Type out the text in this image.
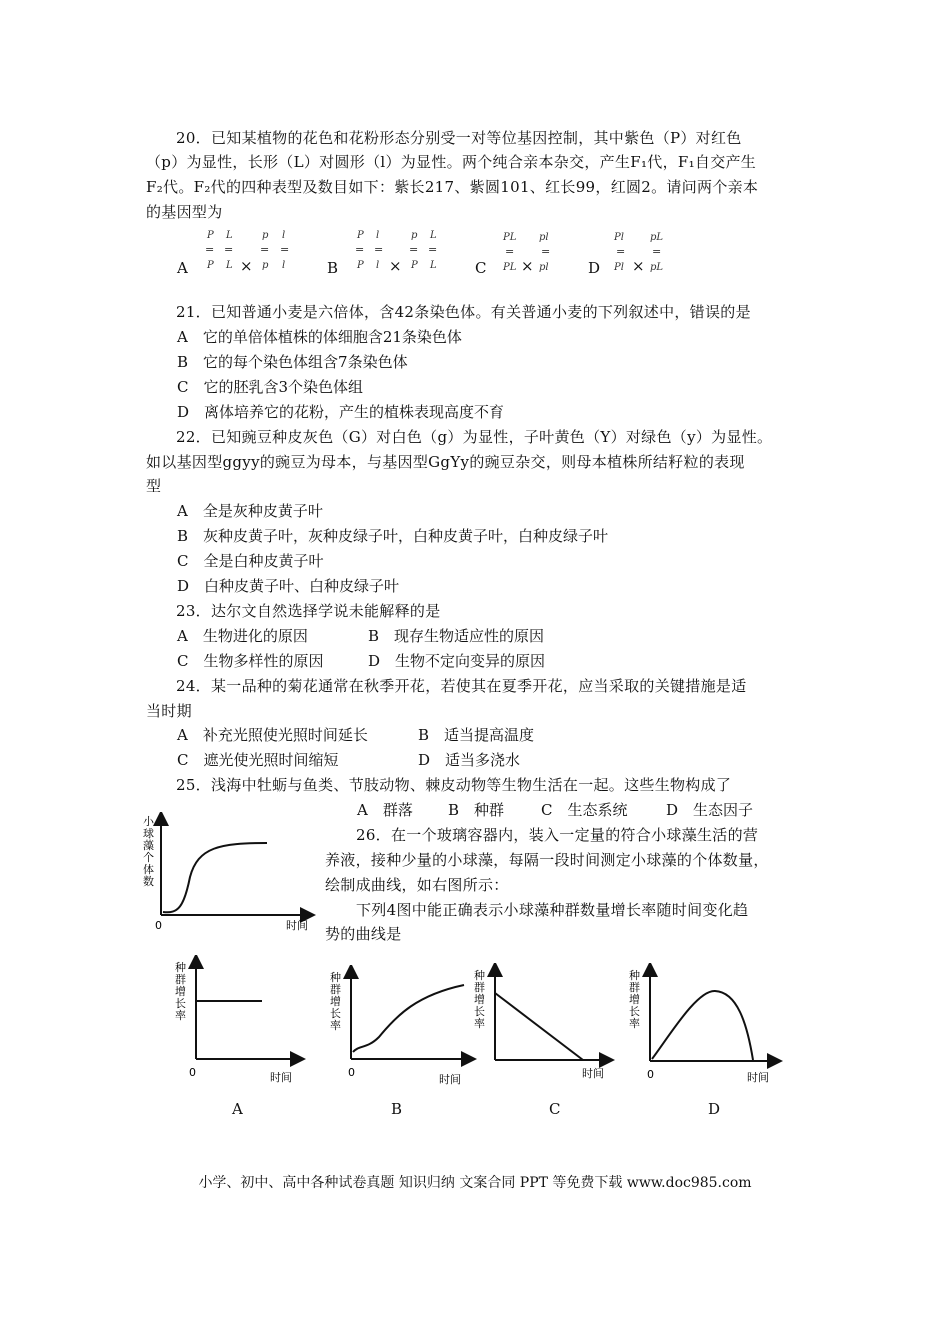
20．已知某植物的花色和花粉形态分别受一对等位基因控制，其中紫色（P）对红色
（p）为显性，长形（L）对圆形（l）为显性。两个纯合亲本杂交，产生F₁代，F₁自交产生
F₂代。F₂代的四种表型及数目如下：紫长217、紫圆101、红长99，红圆2。请问两个亲本
的基因型为
A
P L
= =
P L ×
p l
= =
p l	B
P l
= =
P l ×
p L
= =
P L	C
PL
=
PL ×
pl
=
pl	D
Pl
=
Pl ×
pL
=
pL
21．已知普通小麦是六倍体，含42条染色体。有关普通小麦的下列叙述中，错误的是
A　它的单倍体植株的体细胞含21条染色体
B　它的每个染色体组含7条染色体
C　它的胚乳含3个染色体组
D　离体培养它的花粉，产生的植株表现高度不育
22．已知豌豆种皮灰色（G）对白色（g）为显性，子叶黄色（Y）对绿色（y）为显性。
如以基因型ggyy的豌豆为母本，与基因型GgYy的豌豆杂交，则母本植株所结籽粒的表现
型
A　全是灰种皮黄子叶
B　灰种皮黄子叶，灰种皮绿子叶，白种皮黄子叶，白种皮绿子叶
C　全是白种皮黄子叶
D　白种皮黄子叶、白种皮绿子叶
23．达尔文自然选择学说未能解释的是
A　生物进化的原因	B　现存生物适应性的原因
C　生物多样性的原因	D　生物不定向变异的原因
24．某一品种的菊花通常在秋季开花，若使其在夏季开花，应当采取的关键措施是适
当时期
A　补充光照使光照时间延长	B　适当提高温度
C　遮光使光照时间缩短	D　适当多浇水
25．浅海中牡蛎与鱼类、节肢动物、棘皮动物等生物生活在一起。这些生物构成了
A　群落 B　种群 C　生态系统	D　生态因子
26．在一个玻璃容器内，装入一定量的符合小球藻生活的营
养液，接种少量的小球藻，每隔一段时间测定小球藻的个体数量，
绘制成曲线，如右图所示：
下列4图中能正确表示小球藻种群数量增长率随时间变化趋
势的曲线是
小
球
藻
个
体
数
0	时间
种
群
增
长
率
0	时间
种
群
增
长
率
0
时间
种
群
增
长
率
时间
种
群
增
长
率
0	时间
A	B	C	D
小学、初中、高中各种试卷真题 知识归纳 文案合同 PPT 等免费下载 www.doc985.com
